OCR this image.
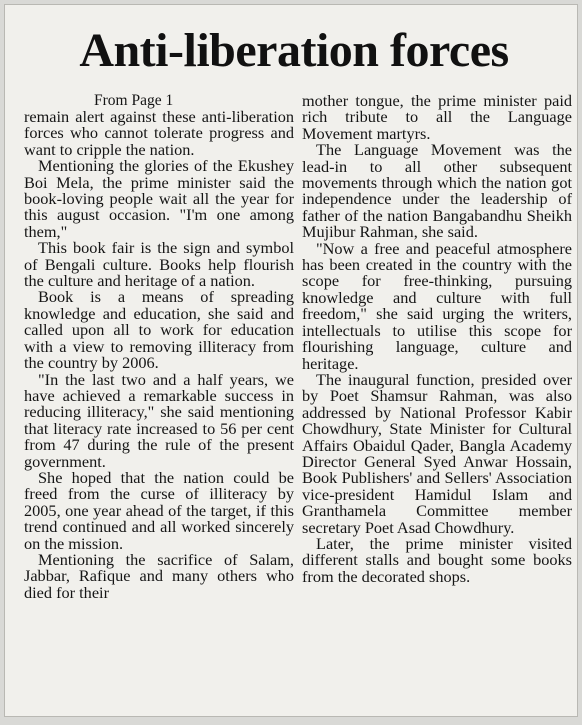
Anti-liberation forces
From Page 1

remain alert against these anti-liberation forces who cannot tolerate progress and want to cripple the nation.

Mentioning the glories of the Ekushey Boi Mela, the prime minister said the book-loving people wait all the year for this august occasion. "I'm one among them,"

This book fair is the sign and symbol of Bengali culture. Books help flourish the culture and heritage of a nation.

Book is a means of spreading knowledge and education, she said and called upon all to work for education with a view to removing illiteracy from the country by 2006.

"In the last two and a half years, we have achieved a remarkable success in reducing illiteracy," she said mentioning that literacy rate increased to 56 per cent from 47 during the rule of the present government.

She hoped that the nation could be freed from the curse of illiteracy by 2005, one year ahead of the target, if this trend continued and all worked sincerely on the mission.

Mentioning the sacrifice of Salam, Jabbar, Rafique and many others who died for their

mother tongue, the prime minister paid rich tribute to all the Language Movement martyrs.

The Language Movement was the lead-in to all other subsequent movements through which the nation got independence under the leadership of father of the nation Bangabandhu Sheikh Mujibur Rahman, she said.

"Now a free and peaceful atmosphere has been created in the country with the scope for free-thinking, pursuing knowledge and culture with full freedom," she said urging the writers, intellectuals to utilise this scope for flourishing language, culture and heritage.

The inaugural function, presided over by Poet Shamsur Rahman, was also addressed by National Professor Kabir Chowdhury, State Minister for Cultural Affairs Obaidul Qader, Bangla Academy Director General Syed Anwar Hossain, Book Publishers' and Sellers' Association vice-president Hamidul Islam and Granthamela Committee member secretary Poet Asad Chowdhury.

Later, the prime minister visited different stalls and bought some books from the decorated shops.
